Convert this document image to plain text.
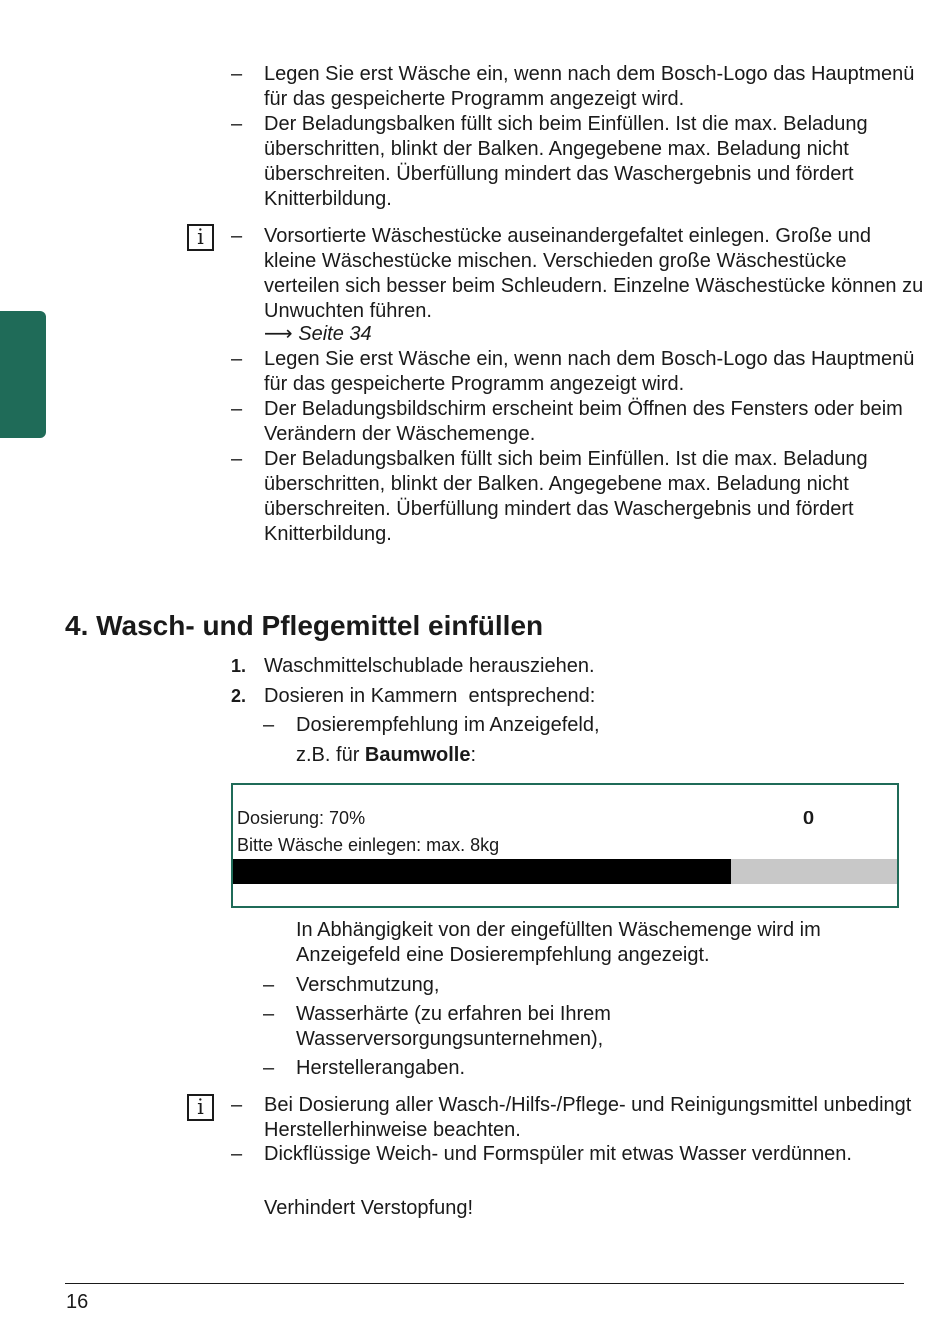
–	Legen Sie erst Wäsche ein, wenn nach dem Bosch-Logo das Hauptmenü für das gespeicherte Programm angezeigt wird.
–	Der Beladungsbalken füllt sich beim Einfüllen. Ist die max. Beladung überschritten, blinkt der Balken. Angegebene max. Beladung nicht überschreiten. Überfüllung mindert das Waschergebnis und fördert Knitterbildung.
i	–	Vorsortierte Wäschestücke auseinandergefaltet einlegen. Große und kleine Wäschestücke mischen. Verschieden große Wäschestücke verteilen sich besser beim Schleudern. Einzelne Wäschestücke können zu Unwuchten führen.
⟶ Seite 34
–	Legen Sie erst Wäsche ein, wenn nach dem Bosch-Logo das Hauptmenü für das gespeicherte Programm angezeigt wird.
–	Der Beladungsbildschirm erscheint beim Öffnen des Fensters oder beim Verändern der Wäschemenge.
–	Der Beladungsbalken füllt sich beim Einfüllen. Ist die max. Beladung überschritten, blinkt der Balken. Angegebene max. Beladung nicht überschreiten. Überfüllung mindert das Waschergebnis und fördert Knitterbildung.
4. Wasch- und Pflegemittel einfüllen
1. Waschmittelschublade herausziehen.
2. Dosieren in Kammern  entsprechend:
–	Dosierempfehlung im Anzeigefeld,
z.B. für Baumwolle:
Dosierung: 70%	00
Bitte Wäsche einlegen: max. 8kg
In Abhängigkeit von der eingefüllten Wäschemenge wird im Anzeigefeld eine Dosierempfehlung angezeigt.
–	Verschmutzung,
–	Wasserhärte (zu erfahren bei Ihrem Wasserversorgungsunternehmen),
–	Herstellerangaben.
i	–	Bei Dosierung aller Wasch-/Hilfs-/Pflege- und Reinigungsmittel unbedingt Herstellerhinweise beachten.
–	Dickflüssige Weich- und Formspüler mit etwas Wasser verdünnen.
Verhindert Verstopfung!
16
